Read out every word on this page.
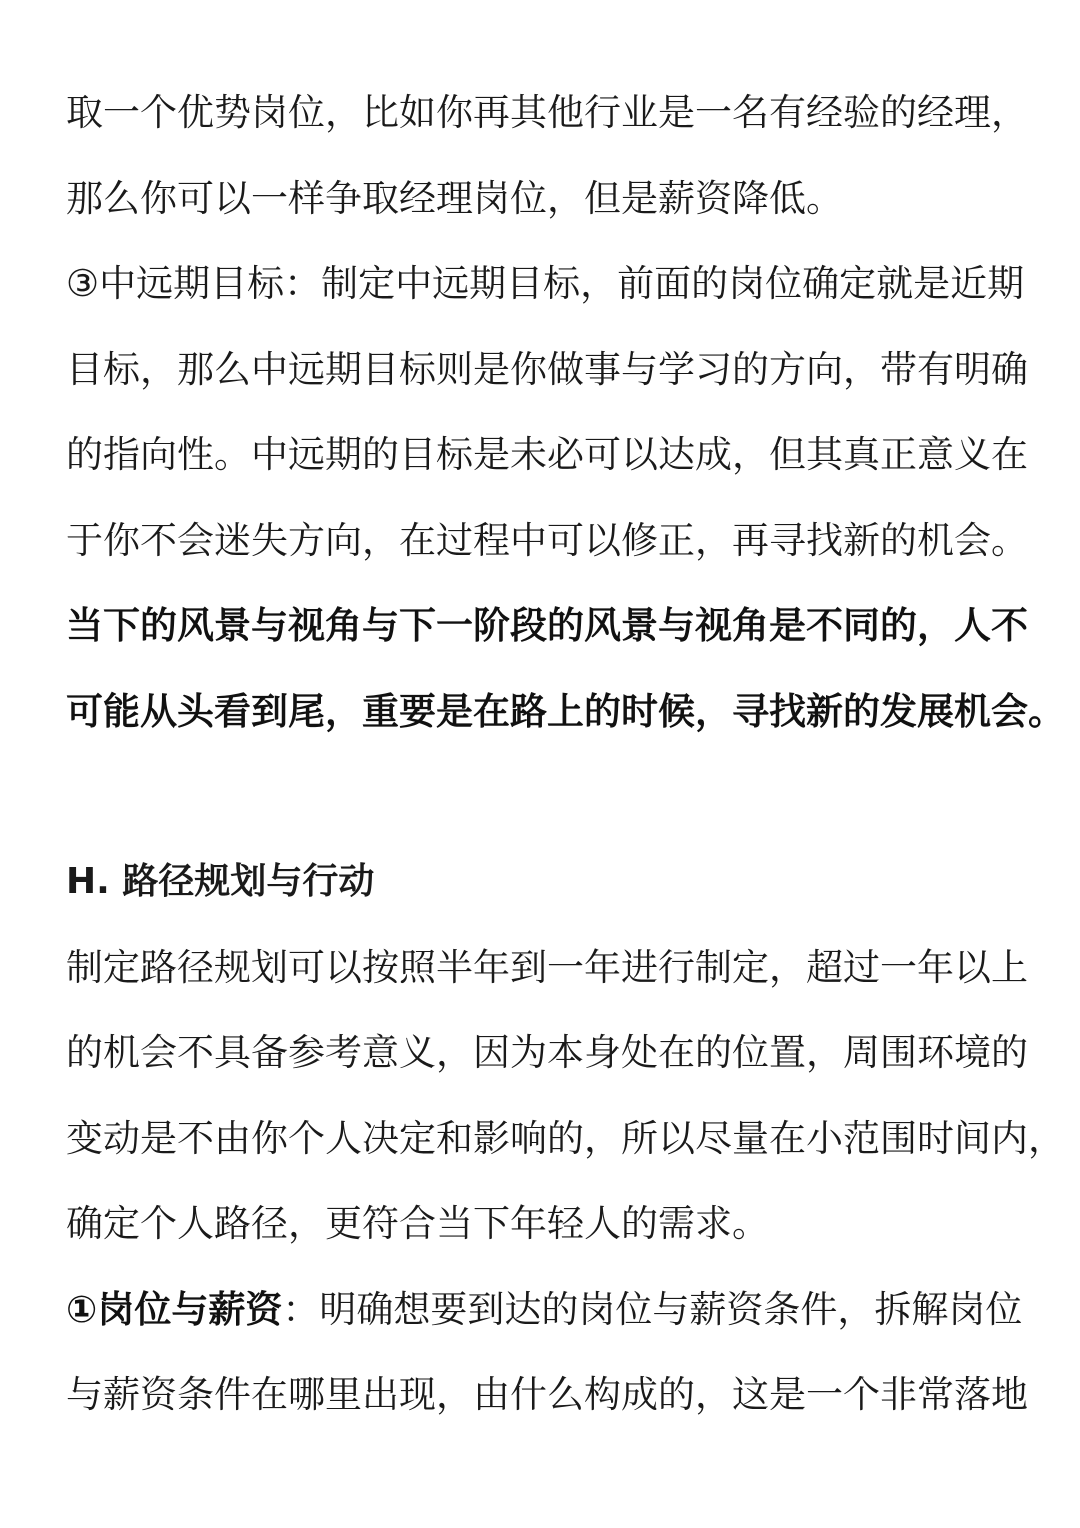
取一个优势岗位，比如你再其他行业是一名有经验的经理，
那么你可以一样争取经理岗位，但是薪资降低。
③中远期目标：制定中远期目标，前面的岗位确定就是近期
目标，那么中远期目标则是你做事与学习的方向，带有明确
的指向性。中远期的目标是未必可以达成，但其真正意义在
于你不会迷失方向，在过程中可以修正，再寻找新的机会。
当下的风景与视角与下一阶段的风景与视角是不同的，人不
可能从头看到尾，重要是在路上的时候，寻找新的发展机会。
H. 路径规划与行动
制定路径规划可以按照半年到一年进行制定，超过一年以上
的机会不具备参考意义，因为本身处在的位置，周围环境的
变动是不由你个人决定和影响的，所以尽量在小范围时间内，
确定个人路径，更符合当下年轻人的需求。
①岗位与薪资：明确想要到达的岗位与薪资条件，拆解岗位
与薪资条件在哪里出现，由什么构成的，这是一个非常落地
